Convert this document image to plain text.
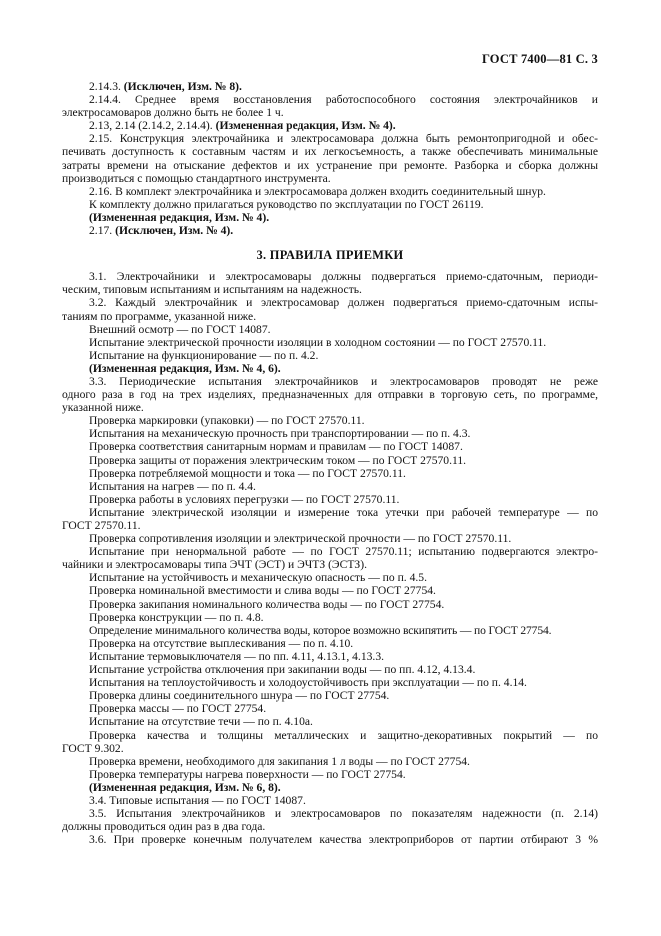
ГОСТ 7400—81 С. 3

2.14.3. (Исключен, Изм. № 8).

2.14.4. Среднее время восстановления работоспособного состояния электрочайников и
электросамоваров должно быть не более 1 ч.

2.13, 2.14 (2.14.2, 2.14.4). (Измененная редакция, Изм. № 4).

2.15. Конструкция электрочайника и электросамовара должна быть ремонтопригодной и обес-
печивать доступность к составным частям и их легкосъемность, а также обеспечивать минимальные
затраты времени на отыскание дефектов и их устранение при ремонте. Разборка и сборка должны
производиться с помощью стандартного инструмента.

2.16. В комплект электрочайника и электросамовара должен входить соединительный шнур.
К комплекту должно прилагаться руководство по эксплуатации по ГОСТ 26119.
(Измененная редакция, Изм. № 4).

2.17. (Исключен, Изм. № 4).

3. ПРАВИЛА ПРИЕМКИ

3.1. Электрочайники и электросамовары должны подвергаться приемо-сдаточным, периоди-
ческим, типовым испытаниям и испытаниям на надежность.

3.2. Каждый электрочайник и электросамовар должен подвергаться приемо-сдаточным испы-
таниям по программе, указанной ниже.

Внешний осмотр — по ГОСТ 14087.
Испытание электрической прочности изоляции в холодном состоянии — по ГОСТ 27570.11.
Испытание на функционирование — по п. 4.2.
(Измененная редакция, Изм. № 4, 6).

3.3. Периодические испытания электрочайников и электросамоваров проводят не реже
одного раза в год на трех изделиях, предназначенных для отправки в торговую сеть, по программе,
указанной ниже.

Проверка маркировки (упаковки) — по ГОСТ 27570.11.
Испытания на механическую прочность при транспортировании — по п. 4.3.
Проверка соответствия санитарным нормам и правилам — по ГОСТ 14087.
Проверка защиты от поражения электрическим током — по ГОСТ 27570.11.
Проверка потребляемой мощности и тока — по ГОСТ 27570.11.
Испытания на нагрев — по п. 4.4.
Проверка работы в условиях перегрузки — по ГОСТ 27570.11.
Испытание электрической изоляции и измерение тока утечки при рабочей температуре — по
ГОСТ 27570.11.
Проверка сопротивления изоляции и электрической прочности — по ГОСТ 27570.11.
Испытание при ненормальной работе — по ГОСТ 27570.11; испытанию подвергаются электро-
чайники и электросамовары типа ЭЧТ (ЭСТ) и ЭЧТЗ (ЭСТЗ).
Испытание на устойчивость и механическую опасность — по п. 4.5.
Проверка номинальной вместимости и слива воды — по ГОСТ 27754.
Проверка закипания номинального количества воды — по ГОСТ 27754.
Проверка конструкции — по п. 4.8.
Определение минимального количества воды, которое возможно вскипятить — по ГОСТ 27754.
Проверка на отсутствие выплескивания — по п. 4.10.
Испытание термовыключателя — по пп. 4.11, 4.13.1, 4.13.3.
Испытание устройства отключения при закипании воды — по пп. 4.12, 4.13.4.
Испытания на теплоустойчивость и холодоустойчивость при эксплуатации — по п. 4.14.
Проверка длины соединительного шнура — по ГОСТ 27754.
Проверка массы — по ГОСТ 27754.
Испытание на отсутствие течи — по п. 4.10а.
Проверка качества и толщины металлических и защитно-декоративных покрытий — по
ГОСТ 9.302.
Проверка времени, необходимого для закипания 1 л воды — по ГОСТ 27754.
Проверка температуры нагрева поверхности — по ГОСТ 27754.
(Измененная редакция, Изм. № 6, 8).

3.4. Типовые испытания — по ГОСТ 14087.

3.5. Испытания электрочайников и электросамоваров по показателям надежности (п. 2.14)
должны проводиться один раз в два года.

3.6. При проверке конечным получателем качества электроприборов от партии отбирают 3 %
